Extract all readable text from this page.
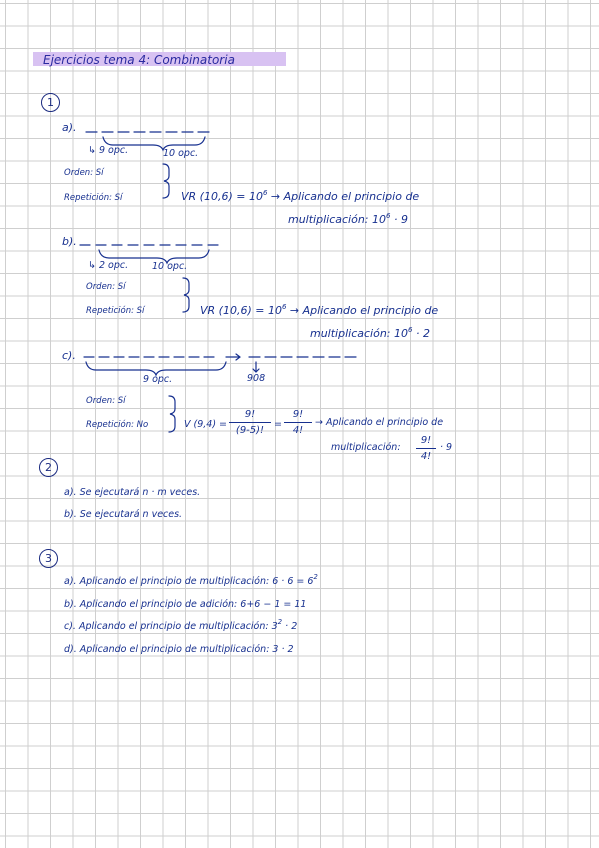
Ejercicios tema 4: Combinatoria
1
a).
↳ 9 opc.	10 opc.
Orden: Sí
Repetición: Sí	VR $(10,6) = 10^6$ → Aplicando el principio de
multiplicación: $10^6 \cdot 9$
b).
↳ 2 opc.	10 opc.
Orden: Sí
Repetición: Sí	VR $(10,6) = 10^6$ → Aplicando el principio de
multiplicación: $10^6 \cdot 2$
c).
9 opc.	908
Orden: Sí
Repetición: No	V (9,4) =
9!
(9-5)!
=
9!
4!
→ Aplicando el principio de
multiplicación:
9!
4!
· 9
2
a). Se ejecutará n · m veces.
b). Se ejecutará n veces.
3
a). Aplicando el principio de multiplicación: $6 \cdot 6 = 6^2$
b). Aplicando el principio de adición: 6+6 − 1 = 11
c). Aplicando el principio de multiplicación: $3^2 \cdot 2$
d). Aplicando el principio de multiplicación: 3 · 2
